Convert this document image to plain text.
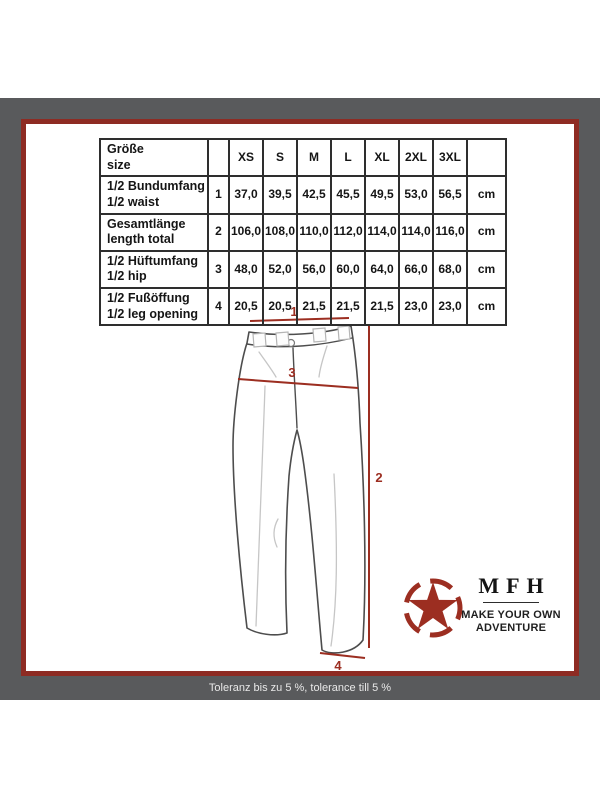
1
3
2
4
Größe
size		XS	S	M	L	XL	2XL	3XL	

1/2 Bundumfang
1/2 waist	1	37,0	39,5	42,5	45,5	49,5	53,0	56,5	cm

Gesamtlänge
length total	2	106,0	108,0	110,0	112,0	114,0	114,0	116,0	cm

1/2 Hüftumfang
1/2 hip	3	48,0	52,0	56,0	60,0	64,0	66,0	68,0	cm

1/2 Fußöffung
1/2 leg opening	4	20,5	20,5	21,5	21,5	21,5	23,0	23,0	cm
MFH
MAKE YOUR OWN
ADVENTURE
Toleranz bis zu 5 %, tolerance till 5 %
